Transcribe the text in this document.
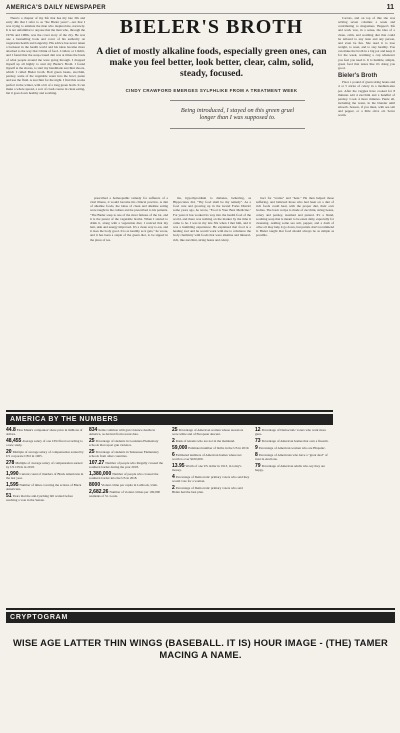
AMERICA'S DAILY NEWSPAPER	11

There's a chapter of my life that has my late 30s and early 40s that I refer to as "the Bieler years"—not that I was trying to emulate the man who inspired me, narrowly. It is not unfamiliar to anyone that the man who, through the 1970s and 1980s, was the cover story of the city. He was one a bestselling book and cover of his authority on vegetarian health and longevity. His advice has never taken a backseat in the health world and his ideas became more attached to the way that I think of food. I called, or I didn't, and I found that the soup-crazed diet was at times the basis of what people around me were going through. I dropped myself up all highly to start my Bieler's Broth. I found myself at the shores, to start my handmade zucchini shoots, which I called Bieler broth. Boil green beans, zucchini, parsley, some of the vegetable water into the bowl, purée and use the fluid. A zucchini for the night. I find this works perfect in the winter, with a bit of a long green broth. It can make a whole spread, a sort of crash course in clean eating, but it goes down healthy and soothing.

BIELER'S BROTH
A diet of mostly alkaline foods, especially green ones, can make you feel better, look better, clear, calm, solid, steady, focused.
CINDY CRAWFORD EMERGES SYLPHLIKE FROM A TREATMENT WEEK
Being introduced, I stayed on this green gruel longer than I was supposed to.

prescribed a homeopathic remedy for sufferers of a viral illness, it would become his clinical practice. A diet of alkaline foods, the ideas of clean and alkaline eating were taught in the culture and he prescribed to his patients. "The Bieler soup is one of the most famous of the lot, and it is the purest of the vegetable broths. When I started to drink it, along with a vegetarian diet, I noticed that my hair, skin and energy improved. It's a clean way to eat, and it does the body good. It is as healthy as it gets," he wrote, and it has been a staple of the green diet, to be sipped in the place of tea.

ms, hypothyroidism to diabetes, believing, as Hippocrates did, "Thy food shall be thy remedy". As a food cure and growing up in the Grand Forks District some years ago, he wrote, "Food is Your Best Medicine." For years it has worked its way into the health food of the world, and there was nothing on the market by the time it came to be. I was in my late 30s when I met him, and it was a humbling experience. He explained that food is a healing tool and he would work with me to rebalance the body chemistry with foods that were alkaline and mineral-rich, like zucchini, string beans and celery.

tract for "toxins" and "heat." He then helped those suffering, and believed those who had been on a diet of rich foods could heal, with the proper diet, their own bodies. The basic recipe is made of zucchini, string beans, celery and parsley, steamed and puréed. It's a bland, soothing soup that is meant to be eaten daily, especially for cleansing. Adding some sea salt, pepper, and a dash of olive oil may help it go down, but purists don't recommend it. Bieler taught that food should always be as simple as possible.

Carrots, and on top of this she was writing seven columns a week and contributing to magazines. Hepper's life and work was, in a sense, the idea of a clean, calm, and soothing diet that could be tailored to any taste and any person, and even be fun. She used it to lose weight, to reset, and to stay healthy. You can make the broth in a big pot and keep it for the week, warming a cup whenever you feel you need it. It is humble, simple, green food that tastes like it's doing you good.

Bieler's Broth

Place 1 pound of green string beans and 4 or 5 sticks of celery in a medium-size pot. After the veggies have cooked for 8 minutes add 4 zucchini and a handful of parsley. Cook 4 more minutes. Purée all, including the water, in the blender until smooth. Season, if you must, with sea salt and pepper, or a little olive oil. Serve warm.

AMERICA BY THE NUMBERS
44.8Elon Musk's companies' share price in millions of dollars.
48,455Average salary of one CEO fired according to a new study.
20Multiple of average salary of compensation earned by US corporate CEO in 1965.
278Multiple of average salary of compensation earned by US CEOs in 2018.
1,990Current count of murders of Black Americans in the last year.
1,595Number of times covering the actions of Black Americans.
51Years that the anti-lynching bill waited before reaching a vote in the Senate.
834Items common with gun violence deaths in America, as derived from recent data.
25Percentage of students in Louisiana Elementary schools that report gun violence.
25Percentage of students in Tennessee Elementary schools from other countries.
107.27Number of people who illegally crossed the southern border during the year 2018.
1,380,000Number of people who crossed the southern border into the US in 2018.
8000Violent crime per capita in Lubbock, Utah.
2,682.26Number of violent crimes per 100,000 residents of St. Louis.
25Percentage of American women whose ancestors were white and of European descent.
2Rank of tenants who are not in the mainland.
59,000Estimated number of births in the US in 2019.
6Estimated numbers of American homes where net worth is over $100,000.
13.95Worth of one US dollar in 1913, in today's money.
4Percentage of Democratic primary voters who said they would vote for a woman.
2Percentage of Democratic primary voters who said Biden had the best plan.
12Percentage of Democratic voters who want more guns.
73Percentage of American homes that own a firearm.
9Percentage of American women who are Hispanic.
8Percentage of Americans who have a "great deal" of trust in elections.
79Percentage of American adults who say they are happy.
CRYPTOGRAM
WISE AGE LATTER THIN WINGS (BASEBALL. IT IS) HOUR IMAGE - (THE) TAMER MACING A NAME.
